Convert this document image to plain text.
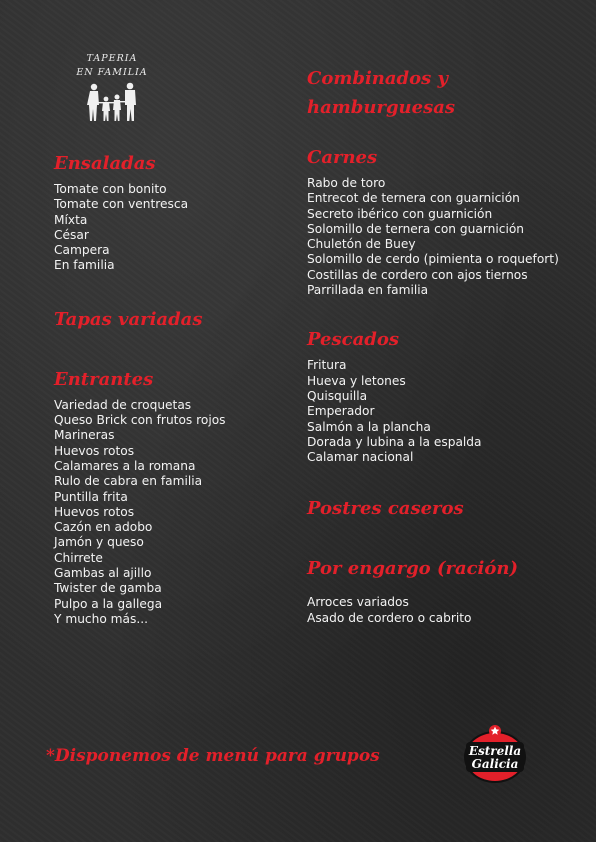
TAPERIA
EN FAMILIA
Ensaladas
Tomate con bonito
Tomate con ventresca
Míxta
César
Campera
En familia
Tapas variadas
Entrantes
Variedad de croquetas
Queso Brick con frutos rojos
Marineras
Huevos rotos
Calamares a la romana
Rulo de cabra en familia
Puntilla frita
Huevos rotos
Cazón en adobo
Jamón y queso
Chirrete
Gambas al ajillo
Twister de gamba
Pulpo a la gallega
Y mucho más...
Combinados y
hamburguesas
Carnes
Rabo de toro
Entrecot de ternera con guarnición
Secreto ibérico con guarnición
Solomillo de ternera con guarnición
Chuletón de Buey
Solomillo de cerdo (pimienta o roquefort)
Costillas de cordero con ajos tiernos
Parrillada en familia
Pescados
Fritura
Hueva y letones
Quisquilla
Emperador
Salmón a la plancha
Dorada y lubina a la espalda
Calamar nacional
Postres caseros
Por engargo (ración)
Arroces variados
Asado de cordero o cabrito
*Disponemos de menú para grupos	Estrella
Galicia
